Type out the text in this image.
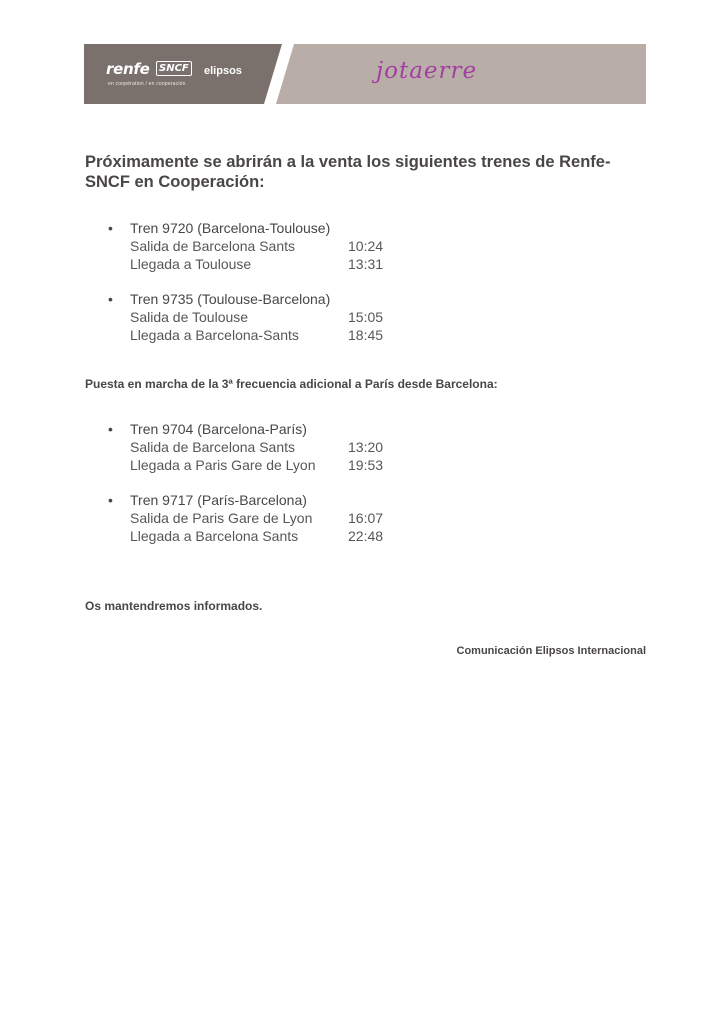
renfe SNCF
en coopération / en cooperación
elipsos	jotaerre
Próximamente se abrirán a la venta los siguientes trenes de Renfe-SNCF en Cooperación:
• Tren 9720 (Barcelona-Toulouse)
Salida de Barcelona Sants	10:24
Llegada a Toulouse	13:31
• Tren 9735 (Toulouse-Barcelona)
Salida de Toulouse	15:05
Llegada a Barcelona-Sants	18:45
Puesta en marcha de la 3ª frecuencia adicional a París desde Barcelona:
• Tren 9704 (Barcelona-París)
Salida de Barcelona Sants	13:20
Llegada a Paris Gare de Lyon 19:53
• Tren 9717 (París-Barcelona)
Salida de Paris Gare de Lyon	16:07
Llegada a Barcelona Sants	22:48
Os mantendremos informados.
Comunicación Elipsos Internacional
